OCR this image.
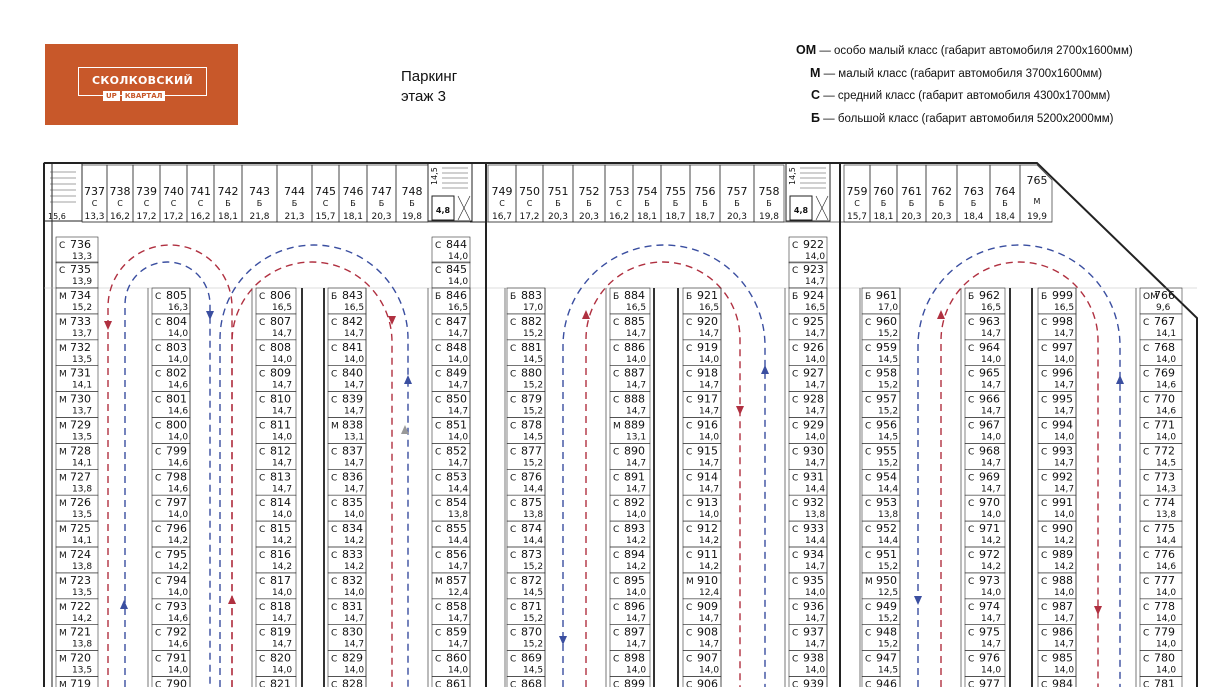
СКОЛКОВСКИЙ
UP	КВАРТАЛ
Паркинг
этаж 3
ОМ — особо малый класс (габарит автомобиля 2700х1600мм)
М — малый класс (габарит автомобиля 3700х1600мм)
С — средний класс (габарит автомобиля 4300х1700мм)
Б — большой класс (габарит автомобиля 5200х2000мм)
15,6
14,5
4,8
14,5
4,8
737
С
13,3
738
С
16,2
739
С
17,2
740
С
17,2
741
С
16,2
742
Б
18,1
743
Б
21,8
744
Б
21,3
745
С
15,7
746
Б
18,1
747
Б
20,3
748
Б
19,8
749
С
16,7
750
С
17,2
751
Б
20,3
752
Б
20,3
753
С
16,2
754
Б
18,1
755
Б
18,7
756
Б
18,7
757
Б
20,3
758
Б
19,8
759
С
15,7
760
Б
18,1
761
Б
20,3
762
Б
20,3
763
Б
18,4
764
Б
18,4
765
М
19,9
С 736
13,3
С 735
13,9
М 734
15,2
М 733
13,7
М 732
13,5
М 731
14,1
М 730
13,7
М 729
13,5
М 728
14,1
М 727
13,8
М 726
13,5
М 725
14,1
М 724
13,8
М 723
13,5
М 722
14,2
М 721
13,8
М 720
13,5
М 719
С 805
16,3
С 804
14,0
С 803
14,0
С 802
14,6
С 801
14,6
С 800
14,0
С 799
14,6
С 798
14,6
С 797
14,0
С 796
14,2
С 795
14,2
С 794
14,0
С 793
14,6
С 792
14,6
С 791
14,0
С 790
С 806
16,5
С 807
14,7
С 808
14,0
С 809
14,7
С 810
14,7
С 811
14,0
С 812
14,7
С 813
14,7
С 814
14,0
С 815
14,2
С 816
14,2
С 817
14,0
С 818
14,7
С 819
14,7
С 820
14,0
С 821
Б 843
16,5
С 842
14,7
С 841
14,0
С 840
14,7
С 839
14,7
М 838
13,1
С 837
14,7
С 836
14,7
С 835
14,0
С 834
14,2
С 833
14,2
С 832
14,0
С 831
14,7
С 830
14,7
С 829
14,0
С 828
С 844
14,0
С 845
14,0
Б 846
16,5
С 847
14,7
С 848
14,0
С 849
14,7
С 850
14,7
С 851
14,0
С 852
14,7
С 853
14,4
С 854
13,8
С 855
14,4
С 856
14,7
М 857
12,4
С 858
14,7
С 859
14,7
С 860
14,0
С 861
Б 883
17,0
С 882
15,2
С 881
14,5
С 880
15,2
С 879
15,2
С 878
14,5
С 877
15,2
С 876
14,4
С 875
13,8
С 874
14,4
С 873
15,2
С 872
14,5
С 871
15,2
С 870
15,2
С 869
14,5
С 868
Б 884
16,5
С 885
14,7
С 886
14,0
С 887
14,7
С 888
14,7
М 889
13,1
С 890
14,7
С 891
14,7
С 892
14,0
С 893
14,2
С 894
14,2
С 895
14,0
С 896
14,7
С 897
14,7
С 898
14,0
С 899
Б 921
16,5
С 920
14,7
С 919
14,0
С 918
14,7
С 917
14,7
С 916
14,0
С 915
14,7
С 914
14,7
С 913
14,0
С 912
14,2
С 911
14,2
М 910
12,4
С 909
14,7
С 908
14,7
С 907
14,0
С 906
С 922
14,0
С 923
14,7
Б 924
16,5
С 925
14,7
С 926
14,0
С 927
14,7
С 928
14,7
С 929
14,0
С 930
14,7
С 931
14,4
С 932
13,8
С 933
14,4
С 934
14,7
С 935
14,0
С 936
14,7
С 937
14,7
С 938
14,0
С 939
Б 961
17,0
С 960
15,2
С 959
14,5
С 958
15,2
С 957
15,2
С 956
14,5
С 955
15,2
С 954
14,4
С 953
13,8
С 952
14,4
С 951
15,2
М 950
12,5
С 949
15,2
С 948
15,2
С 947
14,5
С 946
Б 962
16,5
С 963
14,7
С 964
14,0
С 965
14,7
С 966
14,7
С 967
14,0
С 968
14,7
С 969
14,7
С 970
14,0
С 971
14,2
С 972
14,2
С 973
14,0
С 974
14,7
С 975
14,7
С 976
14,0
С 977
Б 999
16,5
С 998
14,7
С 997
14,0
С 996
14,7
С 995
14,7
С 994
14,0
С 993
14,7
С 992
14,7
С 991
14,0
С 990
14,2
С 989
14,2
С 988
14,0
С 987
14,7
С 986
14,7
С 985
14,0
С 984
ОМ
766
9,6
С 767
14,1
С 768
14,0
С 769
14,6
С 770
14,6
С 771
14,0
С 772
14,5
С 773
14,3
С 774
13,8
С 775
14,4
С 776
14,6
С 777
14,0
С 778
14,0
С 779
14,0
С 780
14,0
С 781
